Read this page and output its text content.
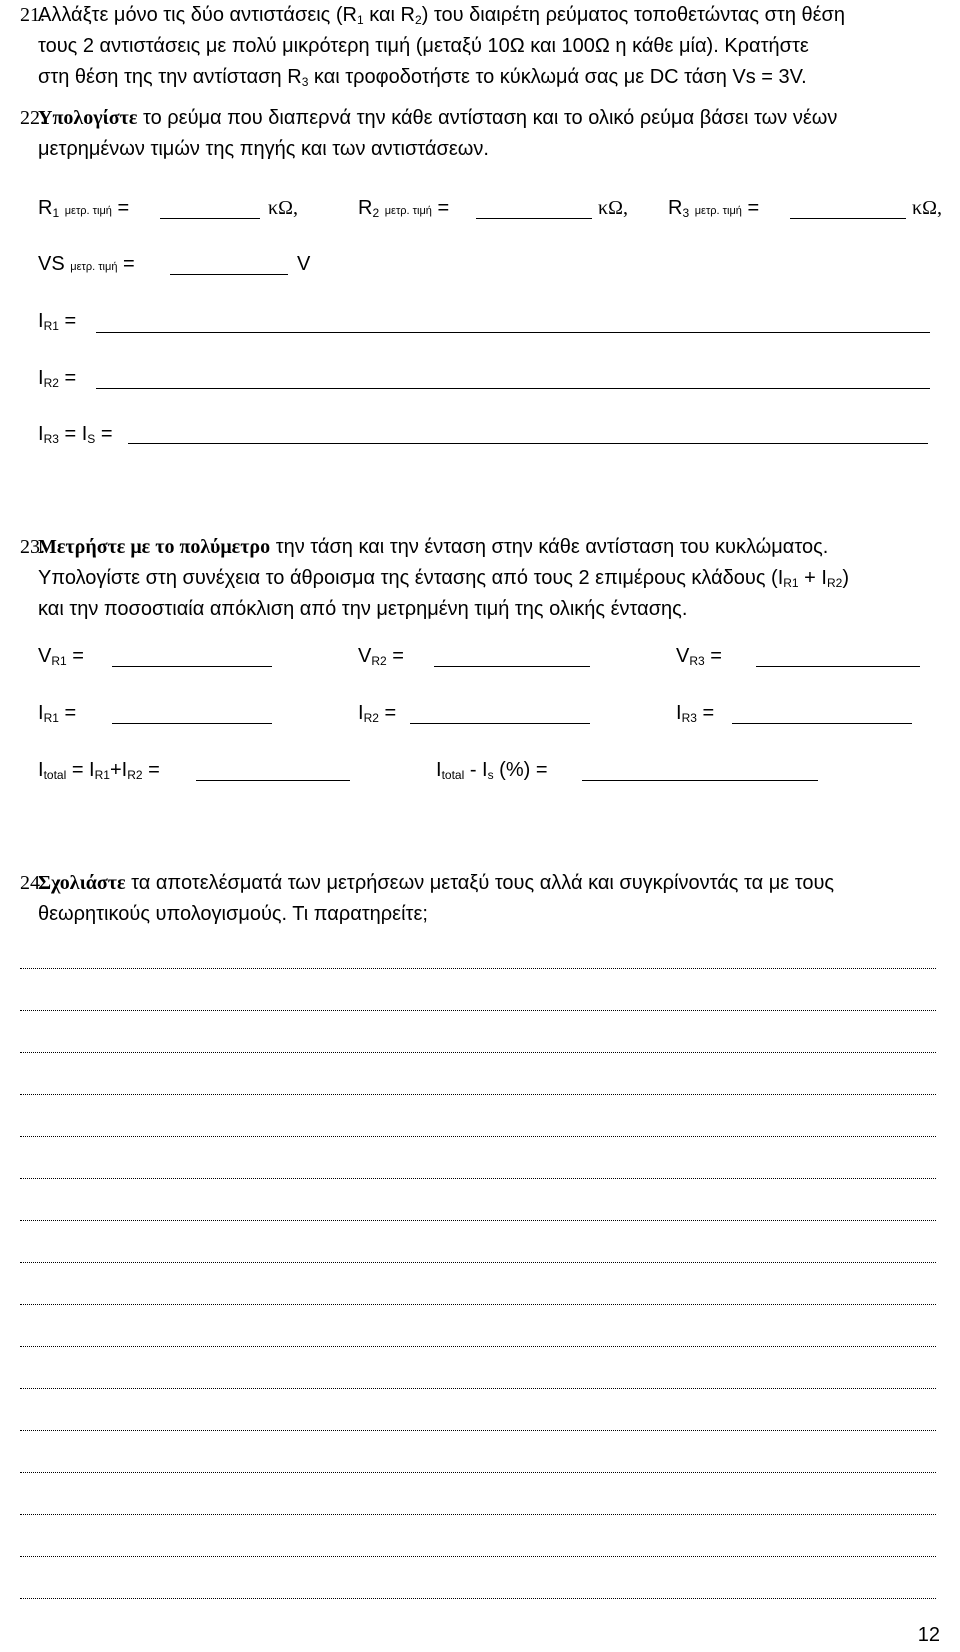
21.
Αλλάξτε μόνο τις δύο αντιστάσεις ($R_1$ και $R_2$) του διαιρέτη ρεύματος τοποθετώντας στη θέση
τους 2 αντιστάσεις με πολύ μικρότερη τιμή (μεταξύ 10Ω και 100Ω η κάθε μία). Κρατήστε
στη θέση της την αντίσταση $R_3$ και τροφοδοτήστε το κύκλωμά σας με DC τάση Vs = 3V.
22.
Υπολογίστε το ρεύμα που διαπερνά την κάθε αντίσταση και το ολικό ρεύμα βάσει των νέων
μετρημένων τιμών της πηγής και των αντιστάσεων.
$R_1$ μετρ. τιμή =	κΩ,	$R_2$ μετρ. τιμή =	κΩ, $R_3$ μετρ. τιμή =	κΩ,
VS μετρ. τιμή =	V
$I_{R1}$ =
$I_{R2}$ =
$I_{R3} = I_S$ =
23.
Μετρήστε με το πολύμετρο την τάση και την ένταση στην κάθε αντίσταση του κυκλώματος.
Υπολογίστε στη συνέχεια το άθροισμα της έντασης από τους 2 επιμέρους κλάδους $(I_{R1} + I_{R2})$
και την ποσοστιαία απόκλιση από την μετρημένη τιμή της ολικής έντασης.
$V_{R1}$ =	$V_{R2}$ =	$V_{R3}$ =
$I_{R1}$ =	$I_{R2}$ =	$I_{R3}$ =
$I_{total} = I_{R1}+I_{R2}$ =	$I_{total} - I_s$ (%) =
24.
Σχολιάστε τα αποτελέσματά των μετρήσεων μεταξύ τους αλλά και συγκρίνοντάς τα με τους
θεωρητικούς υπολογισμούς. Τι παρατηρείτε;
12
